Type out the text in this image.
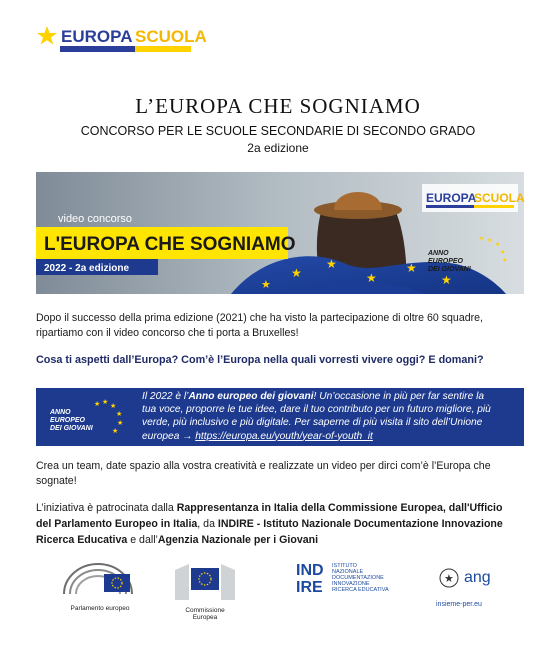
EUROPA SCUOLA
L’EUROPA CHE SOGNIAMO
CONCORSO PER LE SCUOLE SECONDARIE DI SECONDO GRADO
2a edizione
★
★
★
★
★
★
video concorso
L'EUROPA CHE SOGNIAMO
2022 - 2a edizione
EUROPA
SCUOLA
★
★
★
★
★
ANNO
EUROPEO
DEI GIOVANI
Dopo il successo della prima edizione (2021) che ha visto la partecipazione di oltre 60 squadre,
ripartiamo con il video concorso che ti porta a Bruxelles!
Cosa ti aspetti dall’Europa? Com’è l’Europa nella quali vorresti vivere oggi? E domani?
ANNO
EUROPEO
DEI GIOVANI
★
★
★
★
★
★
Il 2022 è l’Anno europeo dei giovani! Un’occasione in più per far sentire la
tua voce, proporre le tue idee, dare il tuo contributo per un futuro migliore, più
verde, più inclusivo e più digitale. Per saperne di più visita il sito dell’Unione
europea → https://europa.eu/youth/year-of-youth_it
Crea un team, date spazio alla vostra creatività e realizzate un video per dirci com’è l’Europa che
sognate!
L’iniziativa è patrocinata dalla Rappresentanza in Italia della Commissione Europea, dall'Ufficio
del Parlamento Europeo in Italia, da INDIRE - Istituto Nazionale Documentazione Innovazione
Ricerca Educativa e dall’Agenzia Nazionale per i Giovani
Parlamento europeo	Commissione
Europea
IND
IRE
ISTITUTO
NAZIONALE
DOCUMENTAZIONE
INNOVAZIONE
RICERCA EDUCATIVA
★ ang
insieme-per.eu
